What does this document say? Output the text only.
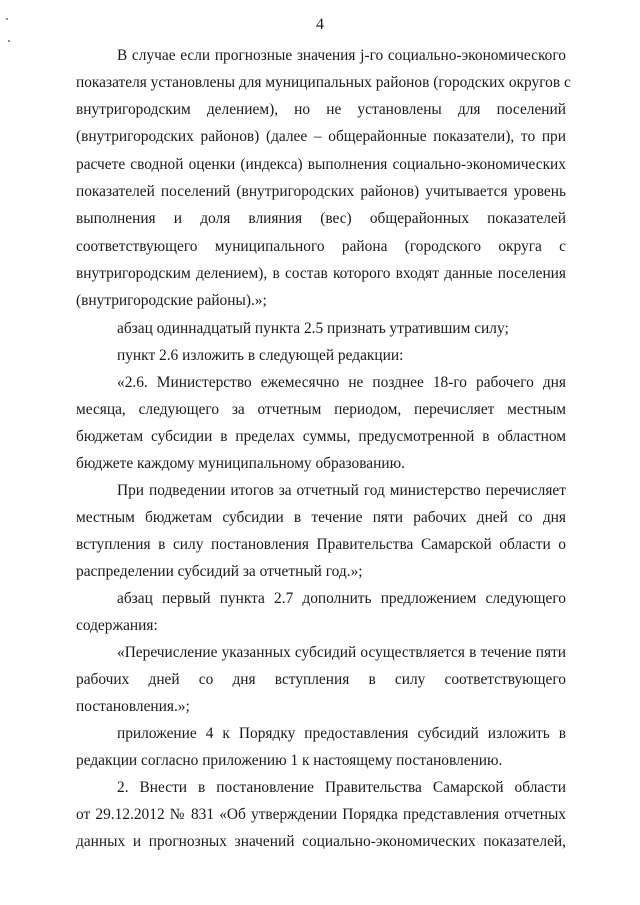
4
В случае если прогнозные значения j-го социально-экономического
показателя установлены для муниципальных районов (городских округов с
внутригородским делением), но не установлены для поселений
(внутригородских районов) (далее – общерайонные показатели), то при
расчете сводной оценки (индекса) выполнения социально-экономических
показателей поселений (внутригородских районов) учитывается уровень
выполнения и доля влияния (вес) общерайонных показателей
соответствующего муниципального района (городского округа с
внутригородским делением), в состав которого входят данные поселения
(внутригородские районы).»;
абзац одиннадцатый пункта 2.5 признать утратившим силу;
пункт 2.6 изложить в следующей редакции:
«2.6. Министерство ежемесячно не позднее 18-го рабочего дня
месяца, следующего за отчетным периодом, перечисляет местным
бюджетам субсидии в пределах суммы, предусмотренной в областном
бюджете каждому муниципальному образованию.
При подведении итогов за отчетный год министерство перечисляет
местным бюджетам субсидии в течение пяти рабочих дней со дня
вступления в силу постановления Правительства Самарской области о
распределении субсидий за отчетный год.»;
абзац первый пункта 2.7 дополнить предложением следующего
содержания:
«Перечисление указанных субсидий осуществляется в течение пяти
рабочих дней со дня вступления в силу соответствующего
постановления.»;
приложение 4 к Порядку предоставления субсидий изложить в
редакции согласно приложению 1 к настоящему постановлению.
2. Внести в постановление Правительства Самарской области
от 29.12.2012 № 831 «Об утверждении Порядка представления отчетных
данных и прогнозных значений социально-экономических показателей,
